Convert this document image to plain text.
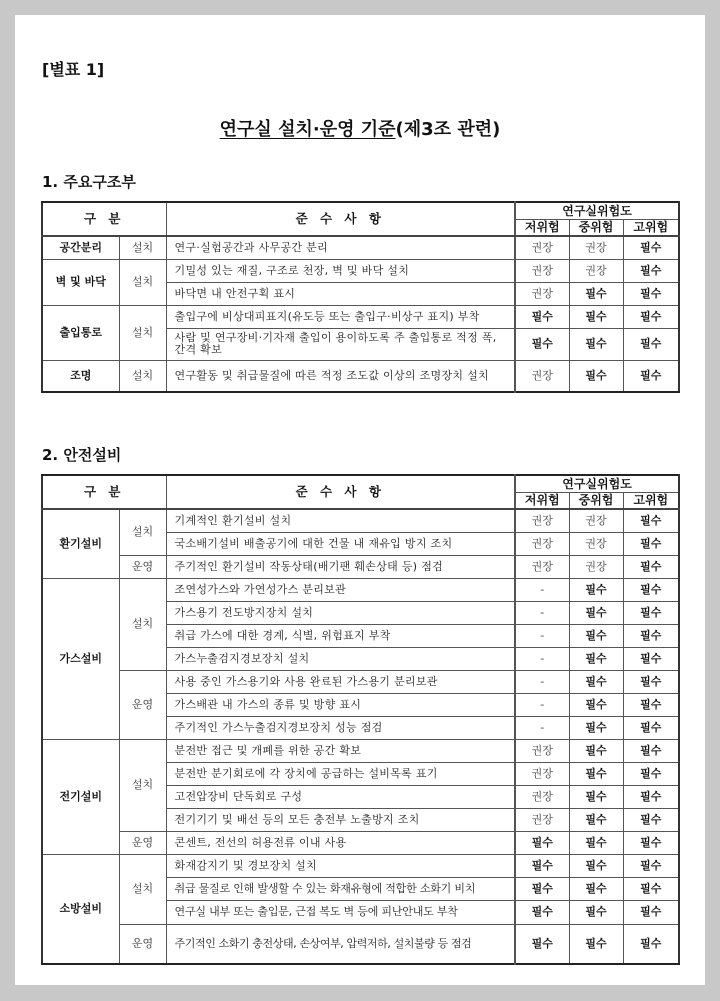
[별표 1]
연구실 설치·운영 기준(제3조 관련)
1. 주요구조부
구 분		준 수 사 항	연구실위험도		
			저위험	중위험	고위험
공간분리	설치	연구·실험공간과 사무공간 분리	권장	권장	필수
벽 및 바닥	설치	기밀성 있는 재질, 구조로 천장, 벽 및 바닥 설치	권장	권장	필수
		바닥면 내 안전구획 표시	권장	필수	필수
출입통로	설치	출입구에 비상대피표지(유도등 또는 출입구·비상구 표지) 부착	필수	필수	필수
		사람 및 연구장비·기자재 출입이 용이하도록 주 출입통로 적정 폭, 간격 확보	필수	필수	필수
조명	설치	연구활동 및 취급물질에 따른 적정 조도값 이상의 조명장치 설치	권장	필수	필수
2. 안전설비
구 분		준 수 사 항	연구실위험도		
			저위험	중위험	고위험
환기설비	설치	기계적인 환기설비 설치	권장	권장	필수
		국소배기설비 배출공기에 대한 건물 내 재유입 방지 조치	권장	권장	필수
	운영	주기적인 환기설비 작동상태(배기팬 훼손상태 등) 점검	권장	권장	필수
가스설비	설치	조연성가스와 가연성가스 분리보관	-	필수	필수
		가스용기 전도방지장치 설치	-	필수	필수
		취급 가스에 대한 경계, 식별, 위험표지 부착	-	필수	필수
		가스누출검지경보장치 설치	-	필수	필수
	운영	사용 중인 가스용기와 사용 완료된 가스용기 분리보관	-	필수	필수
		가스배관 내 가스의 종류 및 방향 표시	-	필수	필수
		주기적인 가스누출검지경보장치 성능 점검	-	필수	필수
전기설비	설치	분전반 접근 및 개폐를 위한 공간 확보	권장	필수	필수
		분전반 분기회로에 각 장치에 공급하는 설비목록 표기	권장	필수	필수
		고전압장비 단독회로 구성	권장	필수	필수
		전기기기 및 배선 등의 모든 충전부 노출방지 조치	권장	필수	필수
	운영	콘센트, 전선의 허용전류 이내 사용	필수	필수	필수
소방설비	설치	화재감지기 및 경보장치 설치	필수	필수	필수
		취급 물질로 인해 발생할 수 있는 화재유형에 적합한 소화기 비치	필수	필수	필수
		연구실 내부 또는 출입문, 근접 복도 벽 등에 피난안내도 부착	필수	필수	필수
	운영	주기적인 소화기 충전상태, 손상여부, 압력저하, 설치불량 등 점검	필수	필수	필수
